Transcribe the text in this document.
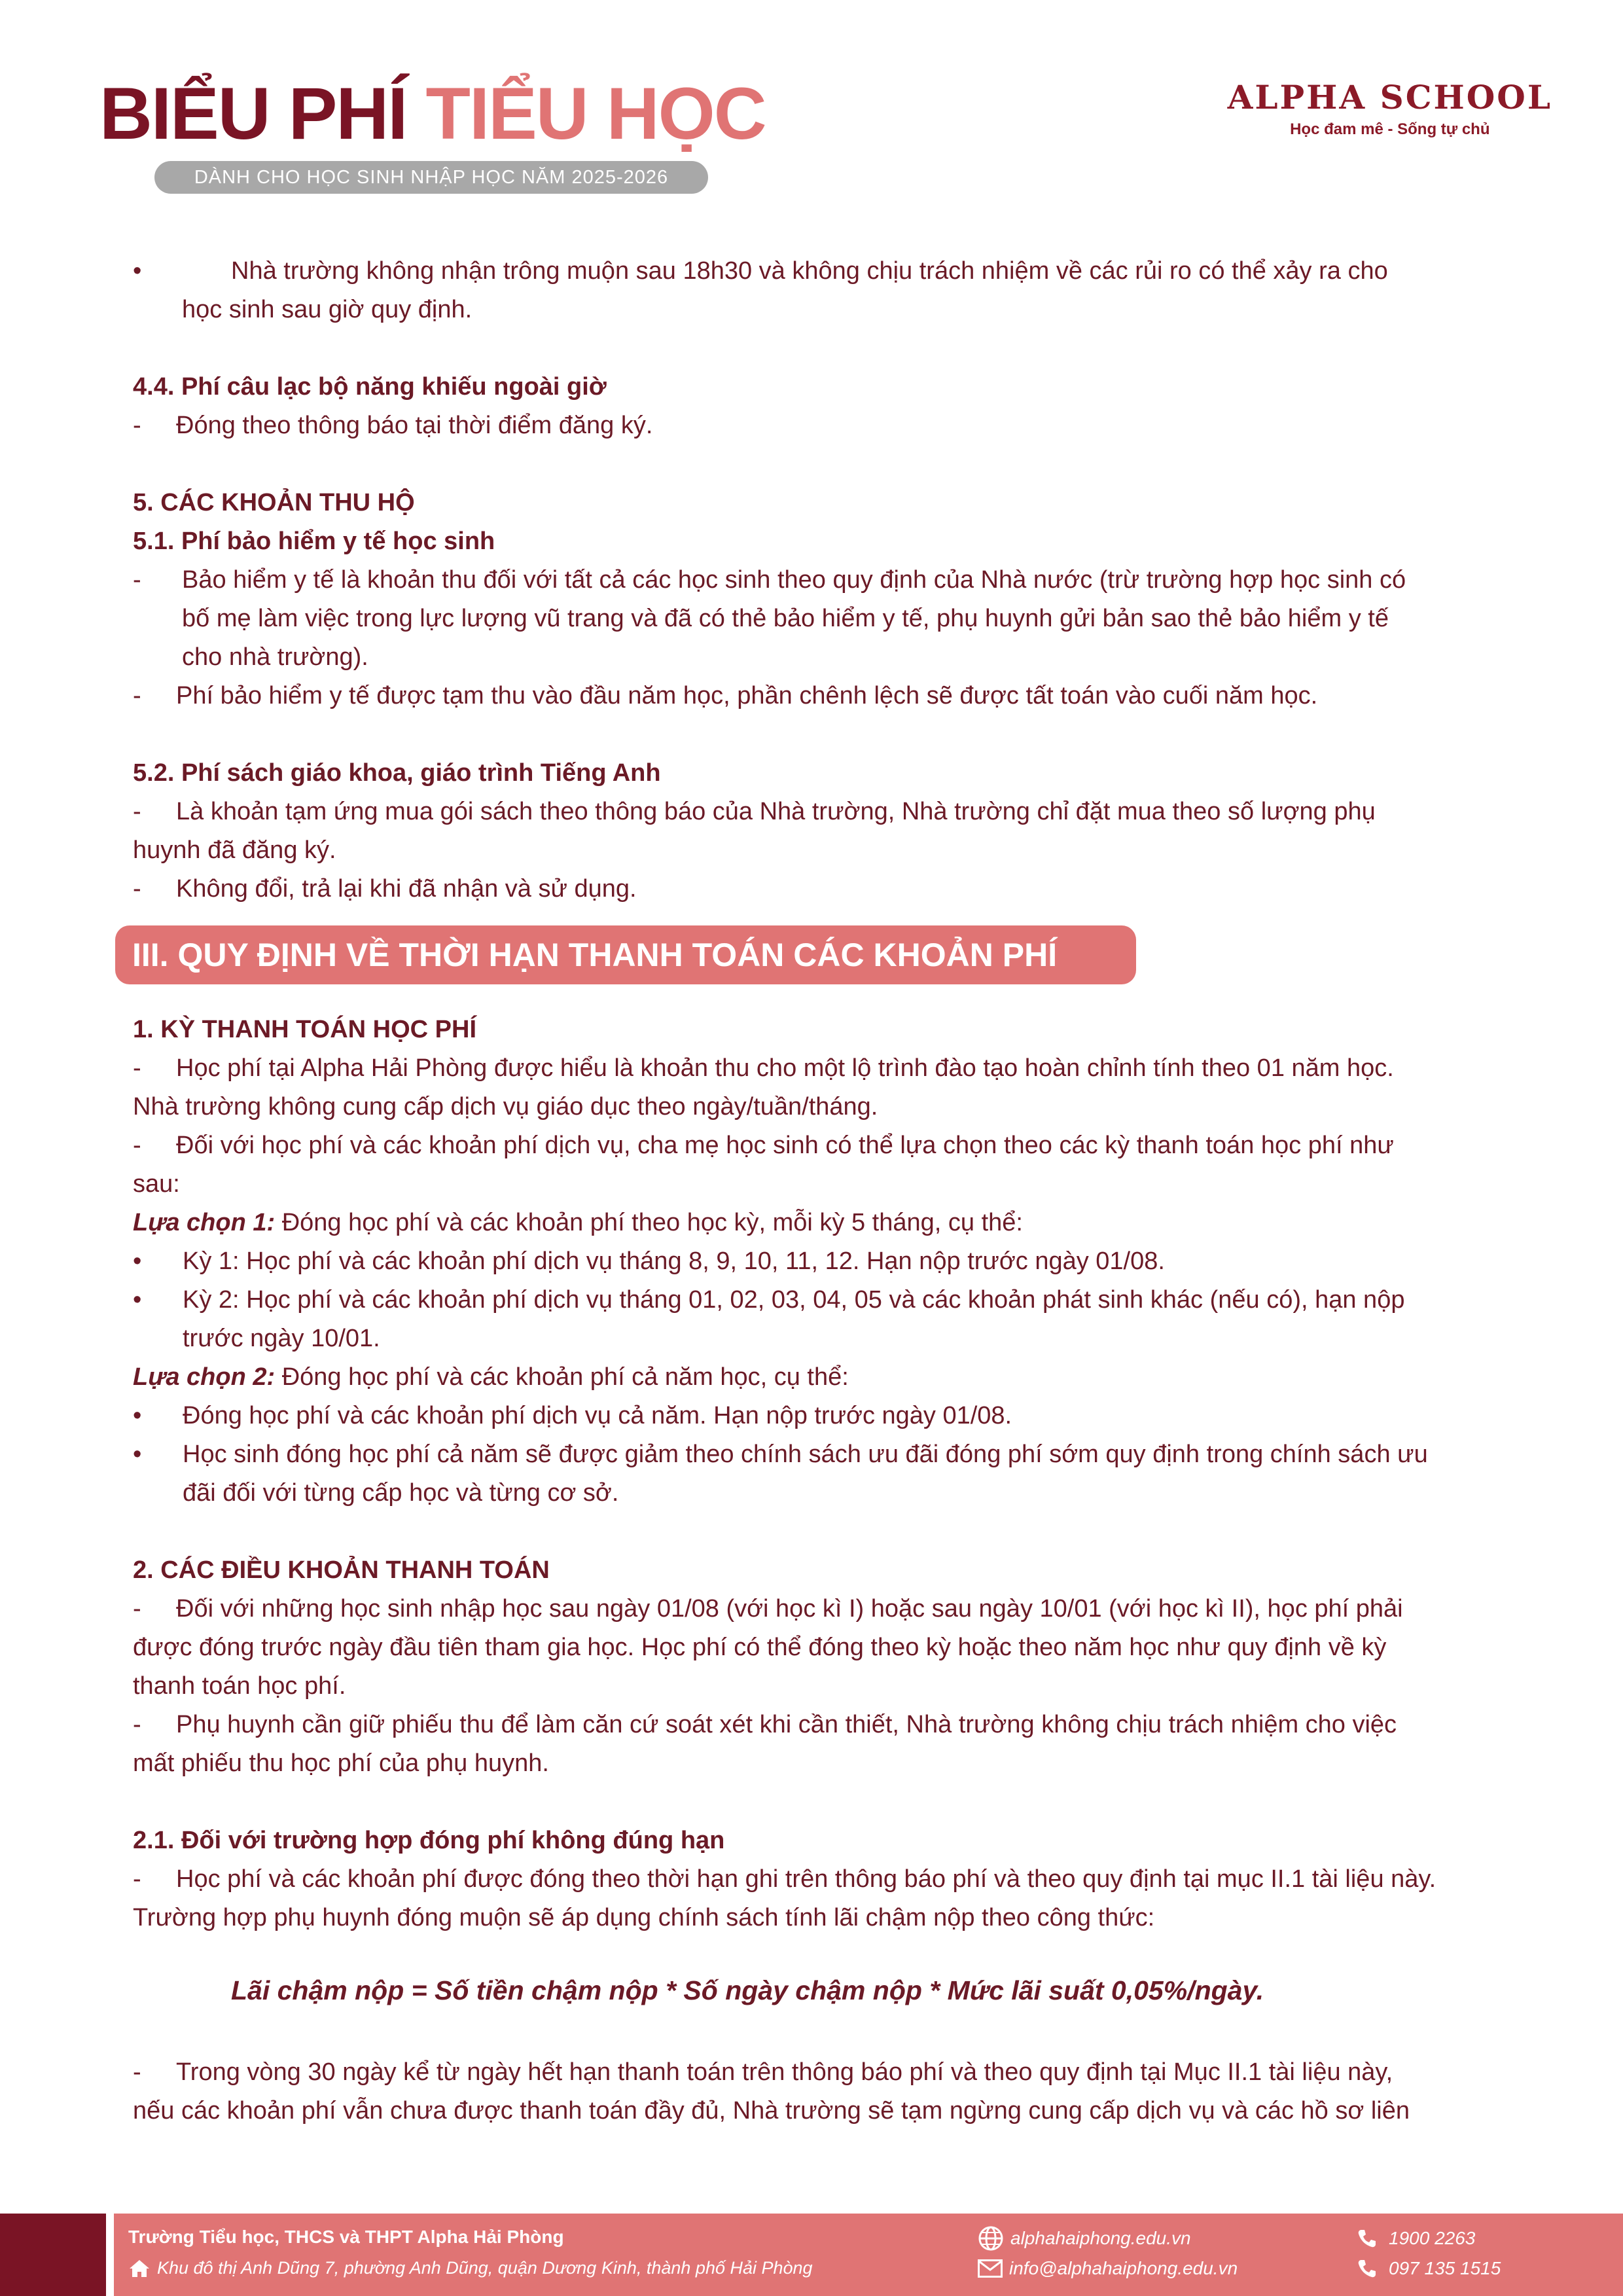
BIỂU PHÍ TIỂU HỌC
DÀNH CHO HỌC SINH NHẬP HỌC NĂM 2025-2026
ALPHA SCHOOL
Học đam mê - Sống tự chủ
•	Nhà trường không nhận trông muộn sau 18h30 và không chịu trách nhiệm về các rủi ro có thể xảy ra cho
học sinh sau giờ quy định.
4.4. Phí câu lạc bộ năng khiếu ngoài giờ
- Đóng theo thông báo tại thời điểm đăng ký.
5. CÁC KHOẢN THU HỘ
5.1. Phí bảo hiểm y tế học sinh
- Bảo hiểm y tế là khoản thu đối với tất cả các học sinh theo quy định của Nhà nước (trừ trường hợp học sinh có
bố mẹ làm việc trong lực lượng vũ trang và đã có thẻ bảo hiểm y tế, phụ huynh gửi bản sao thẻ bảo hiểm y tế
cho nhà trường).
- Phí bảo hiểm y tế được tạm thu vào đầu năm học, phần chênh lệch sẽ được tất toán vào cuối năm học.
5.2. Phí sách giáo khoa, giáo trình Tiếng Anh
- Là khoản tạm ứng mua gói sách theo thông báo của Nhà trường, Nhà trường chỉ đặt mua theo số lượng phụ
huynh đã đăng ký.
- Không đổi, trả lại khi đã nhận và sử dụng.
III. QUY ĐỊNH VỀ THỜI HẠN THANH TOÁN CÁC KHOẢN PHÍ
1. KỲ THANH TOÁN HỌC PHÍ
- Học phí tại Alpha Hải Phòng được hiểu là khoản thu cho một lộ trình đào tạo hoàn chỉnh tính theo 01 năm học.
Nhà trường không cung cấp dịch vụ giáo dục theo ngày/tuần/tháng.
- Đối với học phí và các khoản phí dịch vụ, cha mẹ học sinh có thể lựa chọn theo các kỳ thanh toán học phí như
sau:
Lựa chọn 1: Đóng học phí và các khoản phí theo học kỳ, mỗi kỳ 5 tháng, cụ thể:
• Kỳ 1: Học phí và các khoản phí dịch vụ tháng 8, 9, 10, 11, 12. Hạn nộp trước ngày 01/08.
• Kỳ 2: Học phí và các khoản phí dịch vụ tháng 01, 02, 03, 04, 05 và các khoản phát sinh khác (nếu có), hạn nộp
trước ngày 10/01.
Lựa chọn 2: Đóng học phí và các khoản phí cả năm học, cụ thể:
• Đóng học phí và các khoản phí dịch vụ cả năm. Hạn nộp trước ngày 01/08.
• Học sinh đóng học phí cả năm sẽ được giảm theo chính sách ưu đãi đóng phí sớm quy định trong chính sách ưu
đãi đối với từng cấp học và từng cơ sở.
2. CÁC ĐIỀU KHOẢN THANH TOÁN
- Đối với những học sinh nhập học sau ngày 01/08 (với học kì I) hoặc sau ngày 10/01 (với học kì II), học phí phải
được đóng trước ngày đầu tiên tham gia học. Học phí có thể đóng theo kỳ hoặc theo năm học như quy định về kỳ
thanh toán học phí.
- Phụ huynh cần giữ phiếu thu để làm căn cứ soát xét khi cần thiết, Nhà trường không chịu trách nhiệm cho việc
mất phiếu thu học phí của phụ huynh.
2.1. Đối với trường hợp đóng phí không đúng hạn
- Học phí và các khoản phí được đóng theo thời hạn ghi trên thông báo phí và theo quy định tại mục II.1 tài liệu này.
Trường hợp phụ huynh đóng muộn sẽ áp dụng chính sách tính lãi chậm nộp theo công thức:
- Trong vòng 30 ngày kể từ ngày hết hạn thanh toán trên thông báo phí và theo quy định tại Mục II.1 tài liệu này,
nếu các khoản phí vẫn chưa được thanh toán đầy đủ, Nhà trường sẽ tạm ngừng cung cấp dịch vụ và các hồ sơ liên
Lãi chậm nộp = Số tiền chậm nộp * Số ngày chậm nộp * Mức lãi suất 0,05%/ngày.
Trường Tiểu học, THCS và THPT Alpha Hải Phòng
Khu đô thị Anh Dũng 7, phường Anh Dũng, quận Dương Kinh, thành phố Hải Phòng
alphahaiphong.edu.vn
info@alphahaiphong.edu.vn
1900 2263
097 135 1515
